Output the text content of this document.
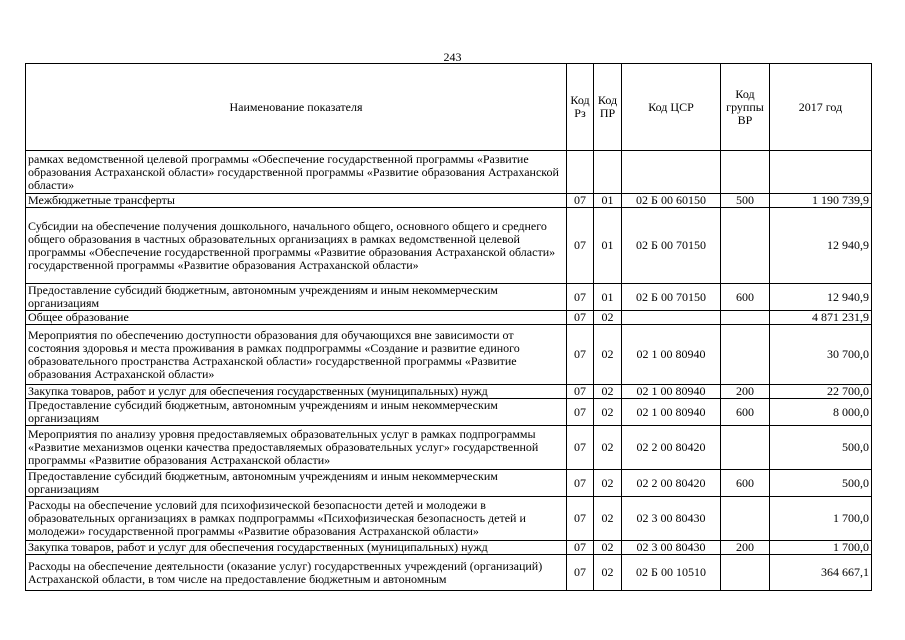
243
Наименование показателя	Код Рз	Код ПР	Код ЦСР	Код группы ВР	2017 год
рамках ведомственной целевой программы «Обеспечение государственной программы «Развитие образования Астраханской области» государственной программы «Развитие образования Астраханской области»					
Межбюджетные трансферты	07	01	02 Б 00 60150	500	1 190 739,9
Субсидии на обеспечение получения дошкольного, начального общего, основного общего и среднего общего образования в частных образовательных организациях в рамках ведомственной целевой программы «Обеспечение государственной программы «Развитие образования Астраханской области» государственной программы «Развитие образования Астраханской области»	07	01	02 Б 00 70150		12 940,9
Предоставление субсидий бюджетным, автономным учреждениям и иным некоммерческим организациям	07	01	02 Б 00 70150	600	12 940,9
Общее образование	07	02			4 871 231,9
Мероприятия по обеспечению доступности образования для обучающихся вне зависимости от состояния здоровья и места проживания в рамках подпрограммы «Создание и развитие единого образовательного пространства Астраханской области» государственной программы «Развитие образования Астраханской области»	07	02	02 1 00 80940		30 700,0
Закупка товаров, работ и услуг для обеспечения государственных (муниципальных) нужд	07	02	02 1 00 80940	200	22 700,0
Предоставление субсидий бюджетным, автономным учреждениям и иным некоммерческим организациям	07	02	02 1 00 80940	600	8 000,0
Мероприятия по анализу уровня предоставляемых образовательных услуг в рамках подпрограммы «Развитие механизмов оценки качества предоставляемых образовательных услуг» государственной программы «Развитие образования Астраханской области»	07	02	02 2 00 80420		500,0
Предоставление субсидий бюджетным, автономным учреждениям и иным некоммерческим организациям	07	02	02 2 00 80420	600	500,0
Расходы на обеспечение условий для психофизической безопасности детей и молодежи в образовательных организациях в рамках подпрограммы «Психофизическая безопасность детей и молодежи» государственной программы «Развитие образования Астраханской области»	07	02	02 3 00 80430		1 700,0
Закупка товаров, работ и услуг для обеспечения государственных (муниципальных) нужд	07	02	02 3 00 80430	200	1 700,0
Расходы на обеспечение деятельности (оказание услуг) государственных учреждений (организаций) Астраханской области, в том числе на предоставление бюджетным и автономным	07	02	02 Б 00 10510		364 667,1
